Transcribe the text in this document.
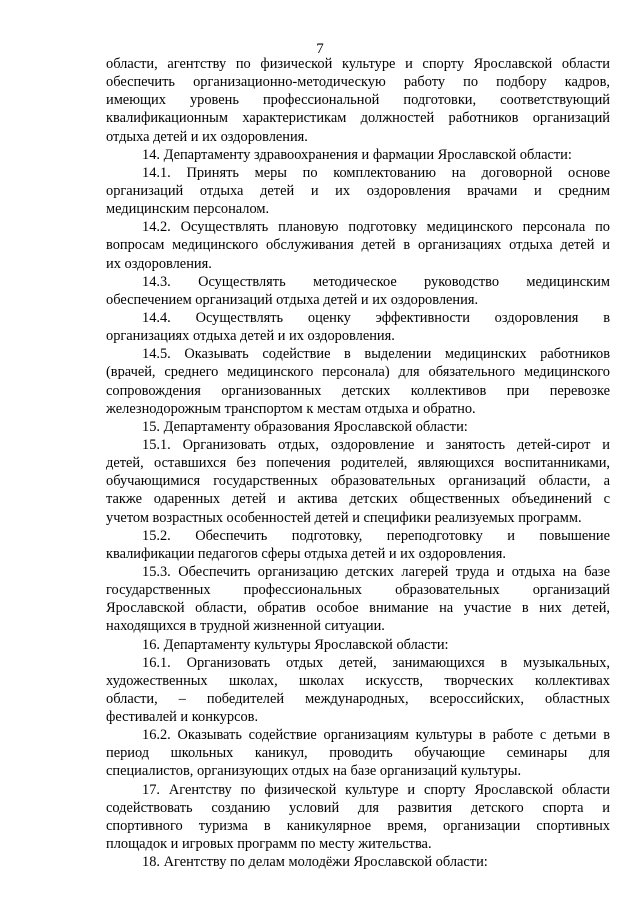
7
области, агентству по физической культуре и спорту Ярославской области
обеспечить организационно-методическую работу по подбору кадров,
имеющих уровень профессиональной подготовки, соответствующий
квалификационным характеристикам должностей работников организаций
отдыха детей и их оздоровления.
14. Департаменту здравоохранения и фармации Ярославской области:
14.1. Принять меры по комплектованию на договорной основе
организаций отдыха детей и их оздоровления врачами и средним
медицинским персоналом.
14.2. Осуществлять плановую подготовку медицинского персонала по
вопросам медицинского обслуживания детей в организациях отдыха детей и
их оздоровления.
14.3. Осуществлять методическое руководство медицинским
обеспечением организаций отдыха детей и их оздоровления.
14.4. Осуществлять оценку эффективности оздоровления в
организациях отдыха детей и их оздоровления.
14.5. Оказывать содействие в выделении медицинских работников
(врачей, среднего медицинского персонала) для обязательного медицинского
сопровождения организованных детских коллективов при перевозке
железнодорожным транспортом к местам отдыха и обратно.
15. Департаменту образования Ярославской области:
15.1. Организовать отдых, оздоровление и занятость детей-сирот и
детей, оставшихся без попечения родителей, являющихся воспитанниками,
обучающимися государственных образовательных организаций области, а
также одаренных детей и актива детских общественных объединений с
учетом возрастных особенностей детей и специфики реализуемых программ.
15.2. Обеспечить подготовку, переподготовку и повышение
квалификации педагогов сферы отдыха детей и их оздоровления.
15.3. Обеспечить организацию детских лагерей труда и отдыха на базе
государственных профессиональных образовательных организаций
Ярославской области, обратив особое внимание на участие в них детей,
находящихся в трудной жизненной ситуации.
16. Департаменту культуры Ярославской области:
16.1. Организовать отдых детей, занимающихся в музыкальных,
художественных школах, школах искусств, творческих коллективах
области, – победителей международных, всероссийских, областных
фестивалей и конкурсов.
16.2. Оказывать содействие организациям культуры в работе с детьми в
период школьных каникул, проводить обучающие семинары для
специалистов, организующих отдых на базе организаций культуры.
17. Агентству по физической культуре и спорту Ярославской области
содействовать созданию условий для развития детского спорта и
спортивного туризма в каникулярное время, организации спортивных
площадок и игровых программ по месту жительства.
18. Агентству по делам молодёжи Ярославской области:
